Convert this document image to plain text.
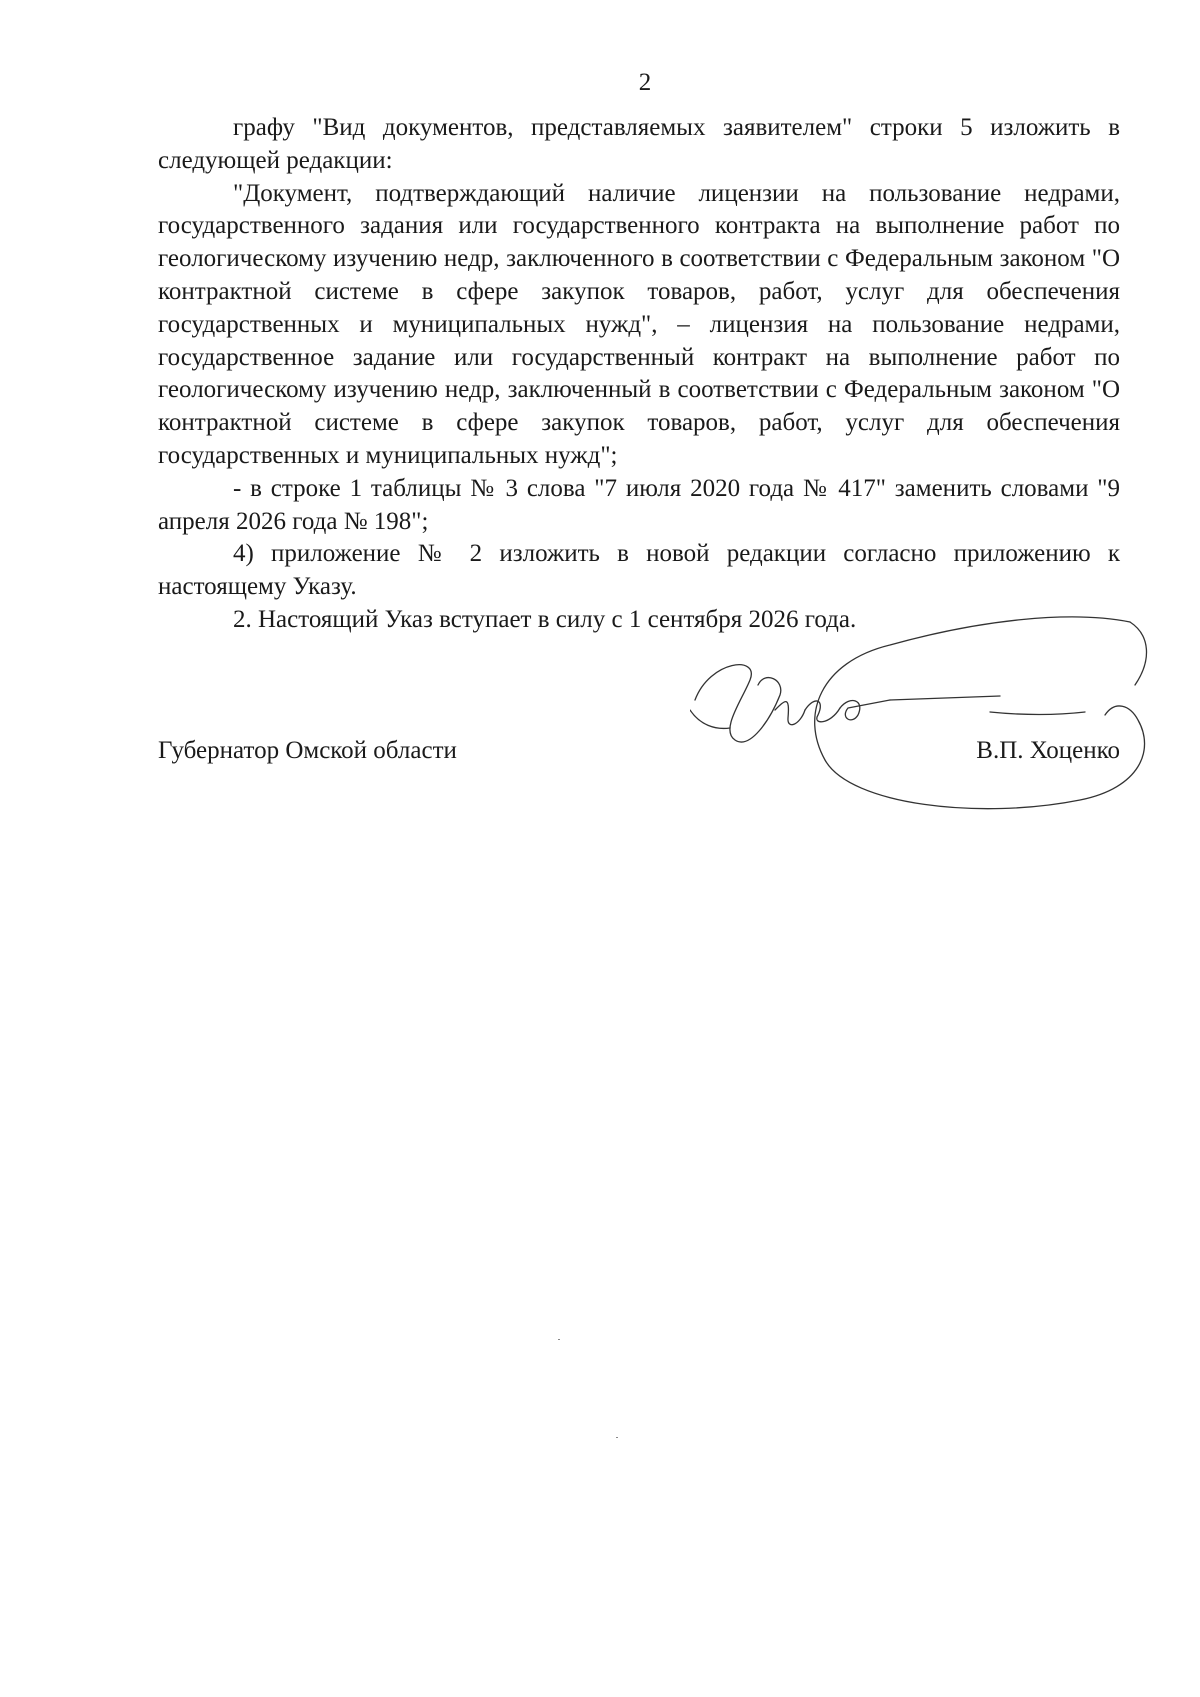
2

графу "Вид документов, представляемых заявителем" строки 5 изложить в следующей редакции:

"Документ, подтверждающий наличие лицензии на пользование недрами, государственного задания или государственного контракта на выполнение работ по геологическому изучению недр, заключенного в соответствии с Федеральным законом "О контрактной системе в сфере закупок товаров, работ, услуг для обеспечения государственных и муниципальных нужд", – лицензия на пользование недрами, государственное задание или государственный контракт на выполнение работ по геологическому изучению недр, заключенный в соответствии с Федеральным законом "О контрактной системе в сфере закупок товаров, работ, услуг для обеспечения государственных и муниципальных нужд";

- в строке 1 таблицы № 3 слова "7 июля 2020 года № 417" заменить словами "9 апреля 2026 года № 198";

4) приложение № 2 изложить в новой редакции согласно приложению к настоящему Указу.

2. Настоящий Указ вступает в силу с 1 сентября 2026 года.

Губернатор Омской области	В.П. Хоценко
